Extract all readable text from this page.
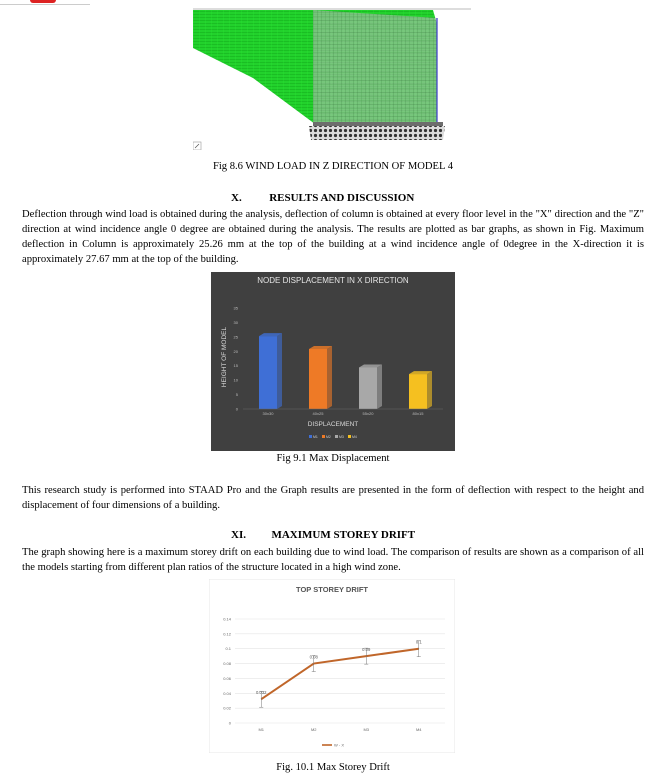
Fig 8.6 WIND LOAD IN Z DIRECTION OF MODEL 4
X.	RESULTS AND DISCUSSION
Deflection through wind load is obtained during the analysis, deflection of column is obtained at every floor level in the "X" direction and the "Z" direction at wind incidence angle 0 degree are obtained during the analysis. The results are plotted as bar graphs, as shown in Fig. Maximum deflection in Column is approximately 25.26 mm at the top of the building at a wind incidence angle of 0degree in the X-direction it is approximately 27.67 mm at the top of the building.
NODE DISPLACEMENT IN X DIRECTION
HEIGHT OF MODEL
DISPLACEMENT
0
5
10
15
20
25
30
35
30x30	40x25	55x20	80x15
M1 M2 M3 M4
Fig 9.1 Max Displacement
This research study is performed into STAAD Pro and the Graph results are presented in the form of deflection with respect to the height and displacement of four dimensions of a building.
XI. MAXIMUM STOREY DRIFT
The graph showing here is a maximum storey drift on each building due to wind load. The comparison of results are shown as a comparison of all the models starting from different plan ratios of the structure located in a high wind zone.
TOP STOREY DRIFT
0
0.02
0.04
0.06
0.08
0.1
0.12
0.14
0.032
0.08
0.09
0.1
M1	M2	M3	M4
W - X
Fig. 10.1 Max Storey Drift
